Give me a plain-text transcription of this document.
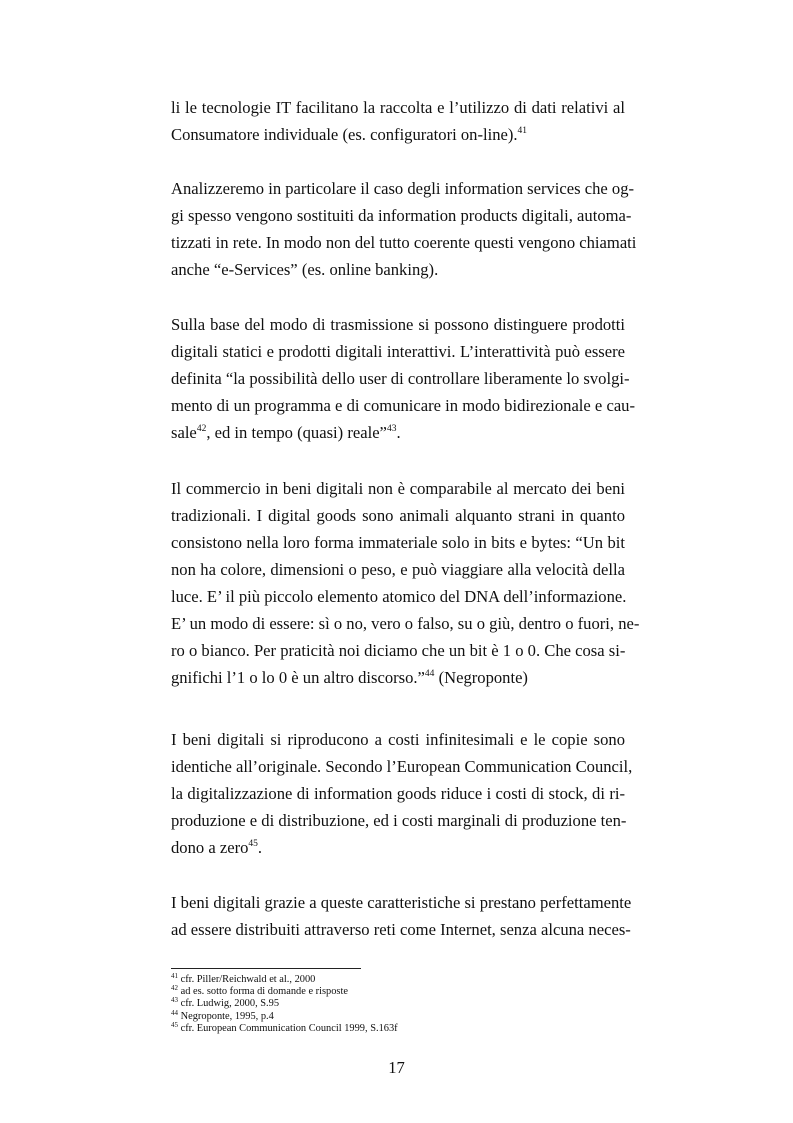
li le tecnologie IT facilitano la raccolta e l’utilizzo di dati relativi al
Consumatore individuale (es. configuratori on-line).$^{41}$
Analizzeremo in particolare il caso degli information services che og-
gi spesso vengono sostituiti da information products digitali, automa-
tizzati in rete. In modo non del tutto coerente questi vengono chiamati
anche “e-Services” (es. online banking).
Sulla base del modo di trasmissione si possono distinguere prodotti
digitali statici e prodotti digitali interattivi. L’interattività può essere
definita “la possibilità dello user di controllare liberamente lo svolgi-
mento di un programma e di comunicare in modo bidirezionale e cau-
sale$^{42}$, ed in tempo (quasi) reale”$^{43}$.
Il commercio in beni digitali non è comparabile al mercato dei beni
tradizionali. I digital goods sono animali alquanto strani in quanto
consistono nella loro forma immateriale solo in bits e bytes: “Un bit
non ha colore, dimensioni o peso, e può viaggiare alla velocità della
luce. E’ il più piccolo elemento atomico del DNA dell’informazione.
E’ un modo di essere: sì o no, vero o falso, su o giù, dentro o fuori, ne-
ro o bianco. Per praticità noi diciamo che un bit è 1 o 0. Che cosa si-
gnifichi l’1 o lo 0 è un altro discorso.”$^{44}$ (Negroponte)
I beni digitali si riproducono a costi infinitesimali e le copie sono
identiche all’originale. Secondo l’European Communication Council,
la digitalizzazione di information goods riduce i costi di stock, di ri-
produzione e di distribuzione, ed i costi marginali di produzione ten-
dono a zero$^{45}$.
I beni digitali grazie a queste caratteristiche si prestano perfettamente
ad essere distribuiti attraverso reti come Internet, senza alcuna neces-
$^{41}$ cfr. Piller/Reichwald et al., 2000
$^{42}$ ad es. sotto forma di domande e risposte
$^{43}$ cfr. Ludwig, 2000, S.95
$^{44}$ Negroponte, 1995, p.4
$^{45}$ cfr. European Communication Council 1999, S.163f
17
